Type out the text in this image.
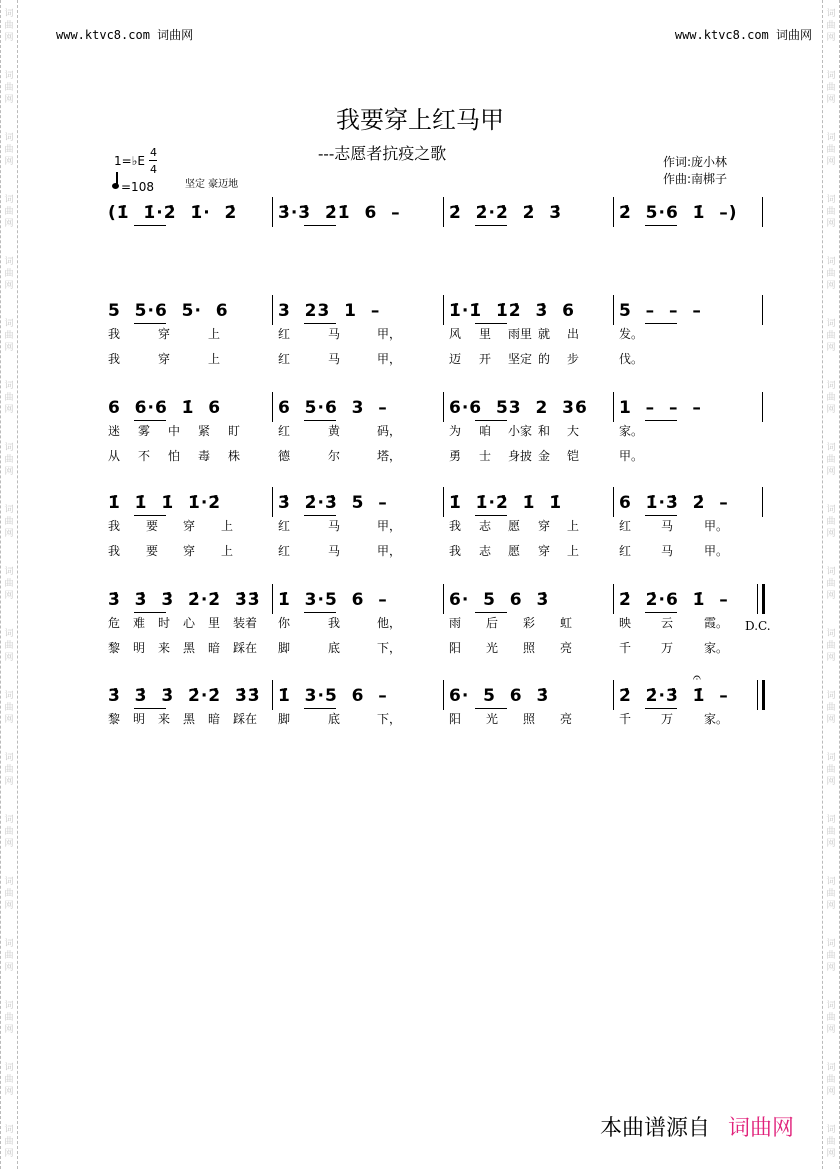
词
曲
网
词
曲
网
词
曲
网
词
曲
网
词
曲
网
词
曲
网
词
曲
网
词
曲
网
词
曲
网
词
曲
网
词
曲
网
词
曲
网
词
曲
网
词
曲
网
词
曲
网
词
曲
网
词
曲
网
词
曲
网
词
曲
网
词
曲
网
词
曲
网
词
曲
网
词
曲
网
词
曲
网
词
曲
网
词
曲
网
词
曲
网
词
曲
网
词
曲
网
词
曲
网
词
曲
网
词
曲
网
词
曲
网
词
曲
网
词
曲
网
词
曲
网
词
曲
网
词
曲
网
www.ktvc8.com 词曲网	www.ktvc8.com 词曲网
我要穿上红马甲
---志愿者抗疫之歌	作词:庞小林
作曲:南梆子
1=♭E
4
4
=108	坚定 豪迈地
(1̇  1̇·2̇  1̇·  2̇ 3̇·3̇  2̇1̇  6  –	2̇  2̇·2̇  2̇  3̇	2̇  5·6  1̇  –)
5  5·6  5·  6	3  23  1  –	1̇·1̇  1̇2̇  3̇  6	5  –  –  –
我	穿	上	红	马	甲，	风 里 雨里 就 出	发。
我	穿	上	红	马	甲，	迈 开 坚定 的 步	伐。
6  6·6  1̇  6	6  5·6  3  –	6·6  53  2  36 1  –  –  –
迷 雾 中 紧 盯	红	黄	码，	为 咱 小家 和 大	家。
从 不 怕 毒 株	德	尔	塔，	勇 士 身披 金 铠	甲。
1̇  1̇  1̇  1̇·2̇	3̇  2̇·3̇  5  –	1̇  1̇·2̇  1̇  1̇	6  1̇·3̇  2̇  –
我 要 穿 上	红	马	甲，	我 志 愿 穿 上	红 马	甲。
我 要 穿 上	红	马	甲，	我 志 愿 穿 上	红 马	甲。
3̇  3̇  3̇  2̇·2̇  3̇3̇ 1̇  3·5  6  –	6·  5  6  3̇	2̇  2̇·6  1̇  –
危 难 时 心 里 装着 你	我	他，	雨 后 彩 虹	映 云	霞。
黎 明 来 黑 暗 踩在 脚	底	下，	阳 光 照 亮	千 万	家。
3̇  3̇  3̇  2̇·2̇  3̇3̇ 1̇  3·5  6  –	6·  5  6  3̇	2̇  2̇·3̇  1̇  –
黎 明 来 黑 暗 踩在 脚	底	下，	阳 光 照 亮	千 万	家。
𝄐
D.C.
本曲谱源自 词曲网
